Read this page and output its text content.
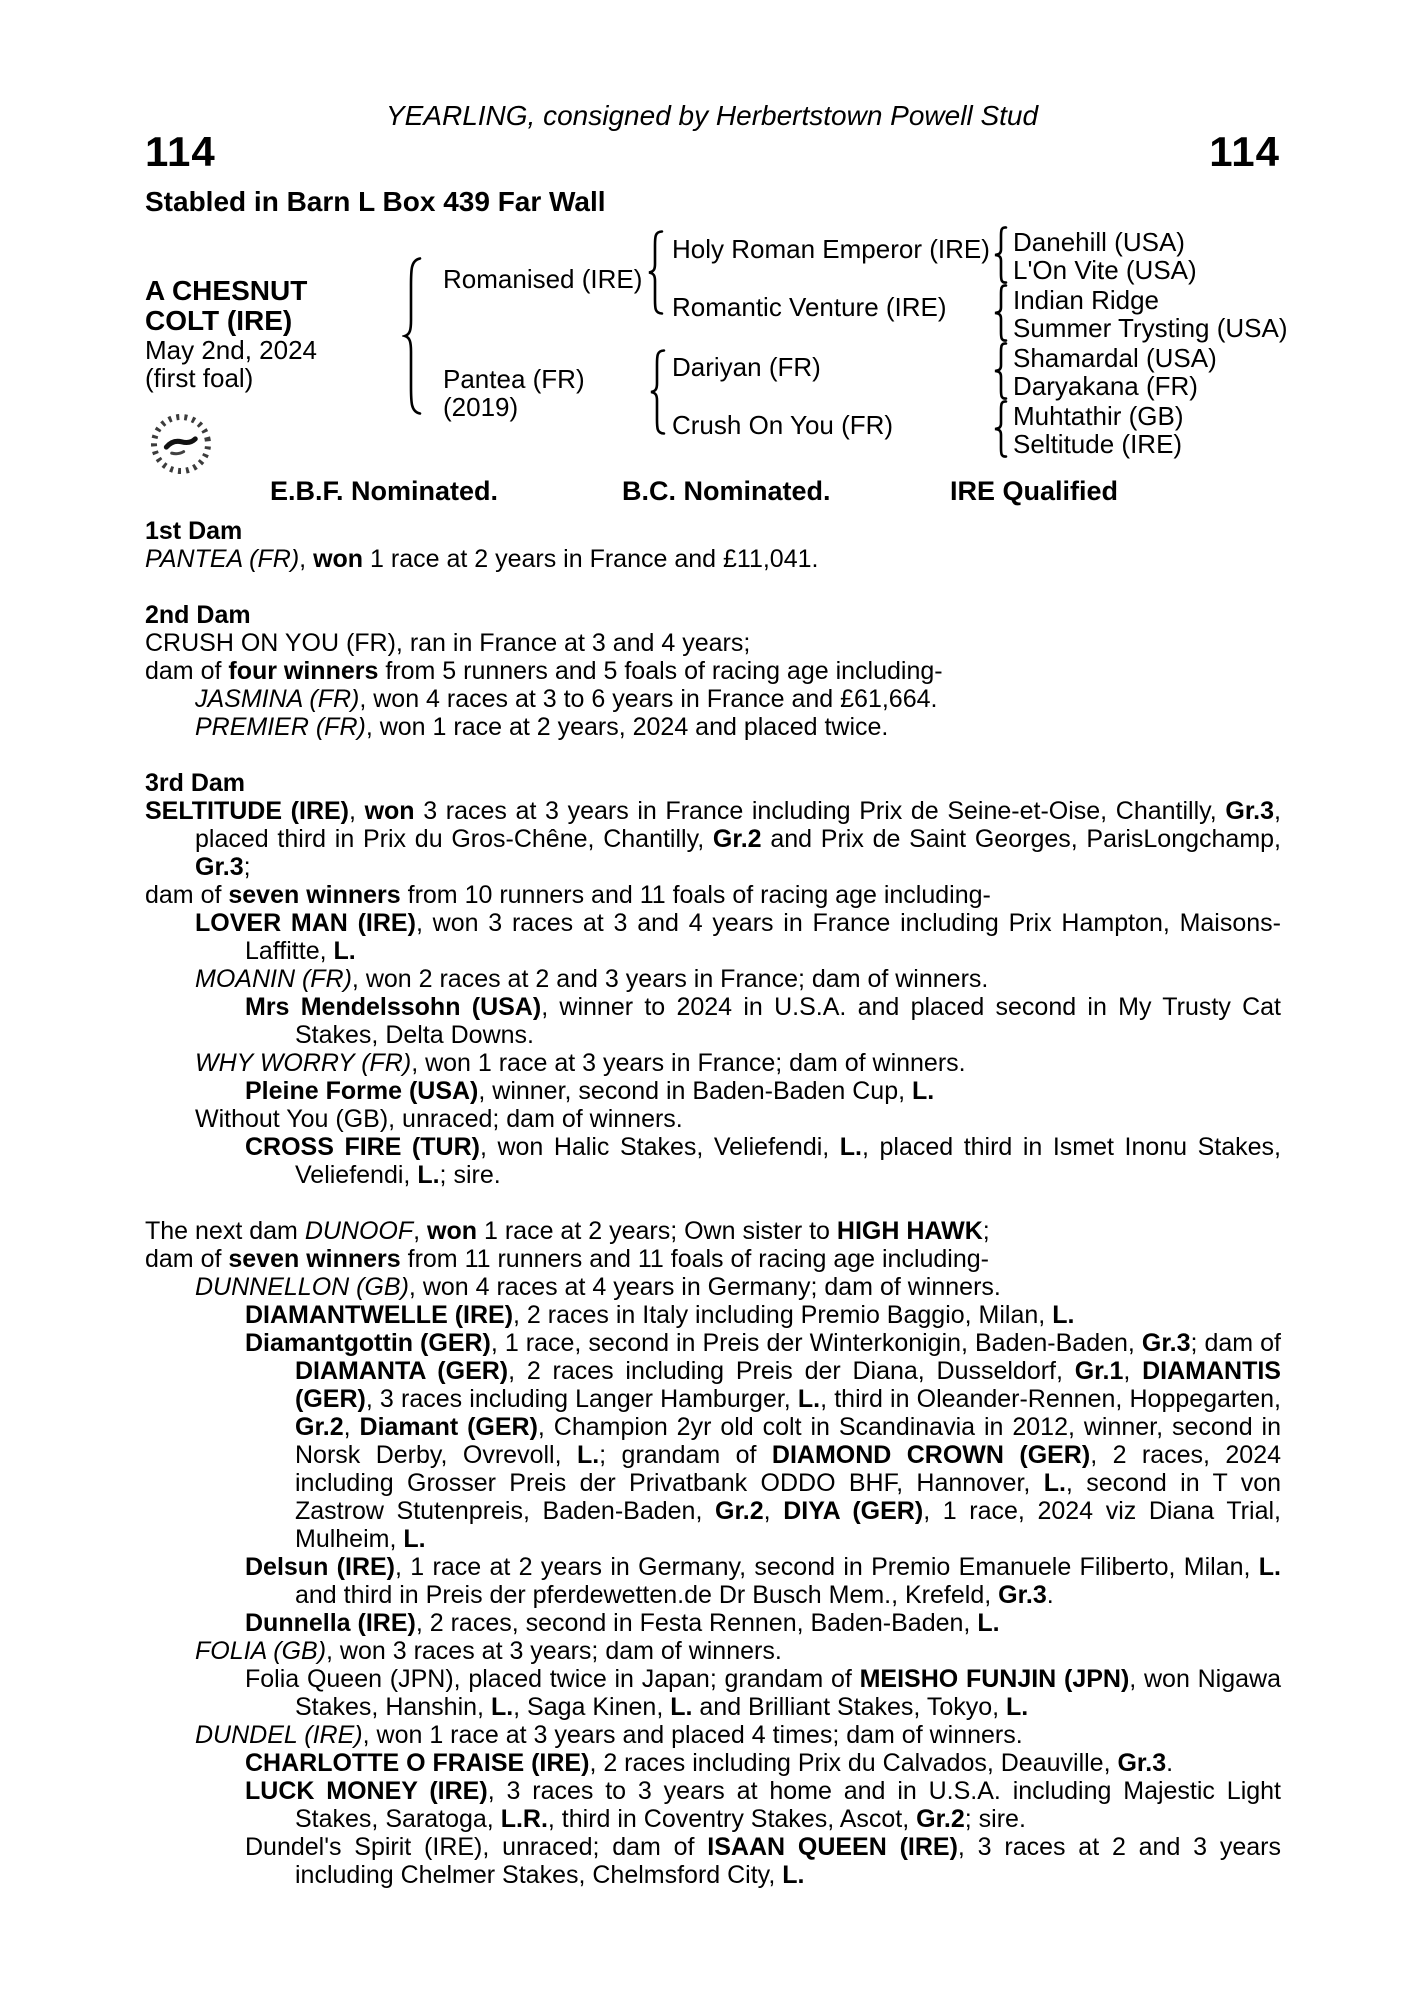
YEARLING, consigned by Herbertstown Powell Stud
114	114
Stabled in Barn L Box 439 Far Wall
A CHESNUT
COLT (IRE)
May 2nd, 2024
(first foal)
Romanised (IRE)
Pantea (FR)
(2019)
Holy Roman Emperor (IRE)
Romantic Venture (IRE)
Dariyan (FR)
Crush On You (FR)
Danehill (USA)
L'On Vite (USA)
Indian Ridge
Summer Trysting (USA)
Shamardal (USA)
Daryakana (FR)
Muhtathir (GB)
Seltitude (IRE)
E.B.F. Nominated.	B.C. Nominated.	IRE Qualified
1st Dam
PANTEA (FR), won 1 race at 2 years in France and £11,041.
2nd Dam
CRUSH ON YOU (FR), ran in France at 3 and 4 years;
dam of four winners from 5 runners and 5 foals of racing age including-
JASMINA (FR), won 4 races at 3 to 6 years in France and £61,664.
PREMIER (FR), won 1 race at 2 years, 2024 and placed twice.
3rd Dam
SELTITUDE (IRE), won 3 races at 3 years in France including Prix de Seine-et-Oise, Chantilly, Gr.3, placed third in Prix du Gros-Chêne, Chantilly, Gr.2 and Prix de Saint Georges, ParisLongchamp, Gr.3;
dam of seven winners from 10 runners and 11 foals of racing age including-
LOVER MAN (IRE), won 3 races at 3 and 4 years in France including Prix Hampton, Maisons-Laffitte, L.
MOANIN (FR), won 2 races at 2 and 3 years in France; dam of winners.
Mrs Mendelssohn (USA), winner to 2024 in U.S.A. and placed second in My Trusty Cat Stakes, Delta Downs.
WHY WORRY (FR), won 1 race at 3 years in France; dam of winners.
Pleine Forme (USA), winner, second in Baden-Baden Cup, L.
Without You (GB), unraced; dam of winners.
CROSS FIRE (TUR), won Halic Stakes, Veliefendi, L., placed third in Ismet Inonu Stakes, Veliefendi, L.; sire.
The next dam DUNOOF, won 1 race at 2 years; Own sister to HIGH HAWK;
dam of seven winners from 11 runners and 11 foals of racing age including-
DUNNELLON (GB), won 4 races at 4 years in Germany; dam of winners.
DIAMANTWELLE (IRE), 2 races in Italy including Premio Baggio, Milan, L.
Diamantgottin (GER), 1 race, second in Preis der Winterkonigin, Baden-Baden, Gr.3; dam of DIAMANTA (GER), 2 races including Preis der Diana, Dusseldorf, Gr.1, DIAMANTIS (GER), 3 races including Langer Hamburger, L., third in Oleander-Rennen, Hoppegarten, Gr.2, Diamant (GER), Champion 2yr old colt in Scandinavia in 2012, winner, second in Norsk Derby, Ovrevoll, L.; grandam of DIAMOND CROWN (GER), 2 races, 2024 including Grosser Preis der Privatbank ODDO BHF, Hannover, L., second in T von Zastrow Stutenpreis, Baden-Baden, Gr.2, DIYA (GER), 1 race, 2024 viz Diana Trial, Mulheim, L.
Delsun (IRE), 1 race at 2 years in Germany, second in Premio Emanuele Filiberto, Milan, L. and third in Preis der pferdewetten.de Dr Busch Mem., Krefeld, Gr.3.
Dunnella (IRE), 2 races, second in Festa Rennen, Baden-Baden, L.
FOLIA (GB), won 3 races at 3 years; dam of winners.
Folia Queen (JPN), placed twice in Japan; grandam of MEISHO FUNJIN (JPN), won Nigawa Stakes, Hanshin, L., Saga Kinen, L. and Brilliant Stakes, Tokyo, L.
DUNDEL (IRE), won 1 race at 3 years and placed 4 times; dam of winners.
CHARLOTTE O FRAISE (IRE), 2 races including Prix du Calvados, Deauville, Gr.3.
LUCK MONEY (IRE), 3 races to 3 years at home and in U.S.A. including Majestic Light Stakes, Saratoga, L.R., third in Coventry Stakes, Ascot, Gr.2; sire.
Dundel's Spirit (IRE), unraced; dam of ISAAN QUEEN (IRE), 3 races at 2 and 3 years including Chelmer Stakes, Chelmsford City, L.
